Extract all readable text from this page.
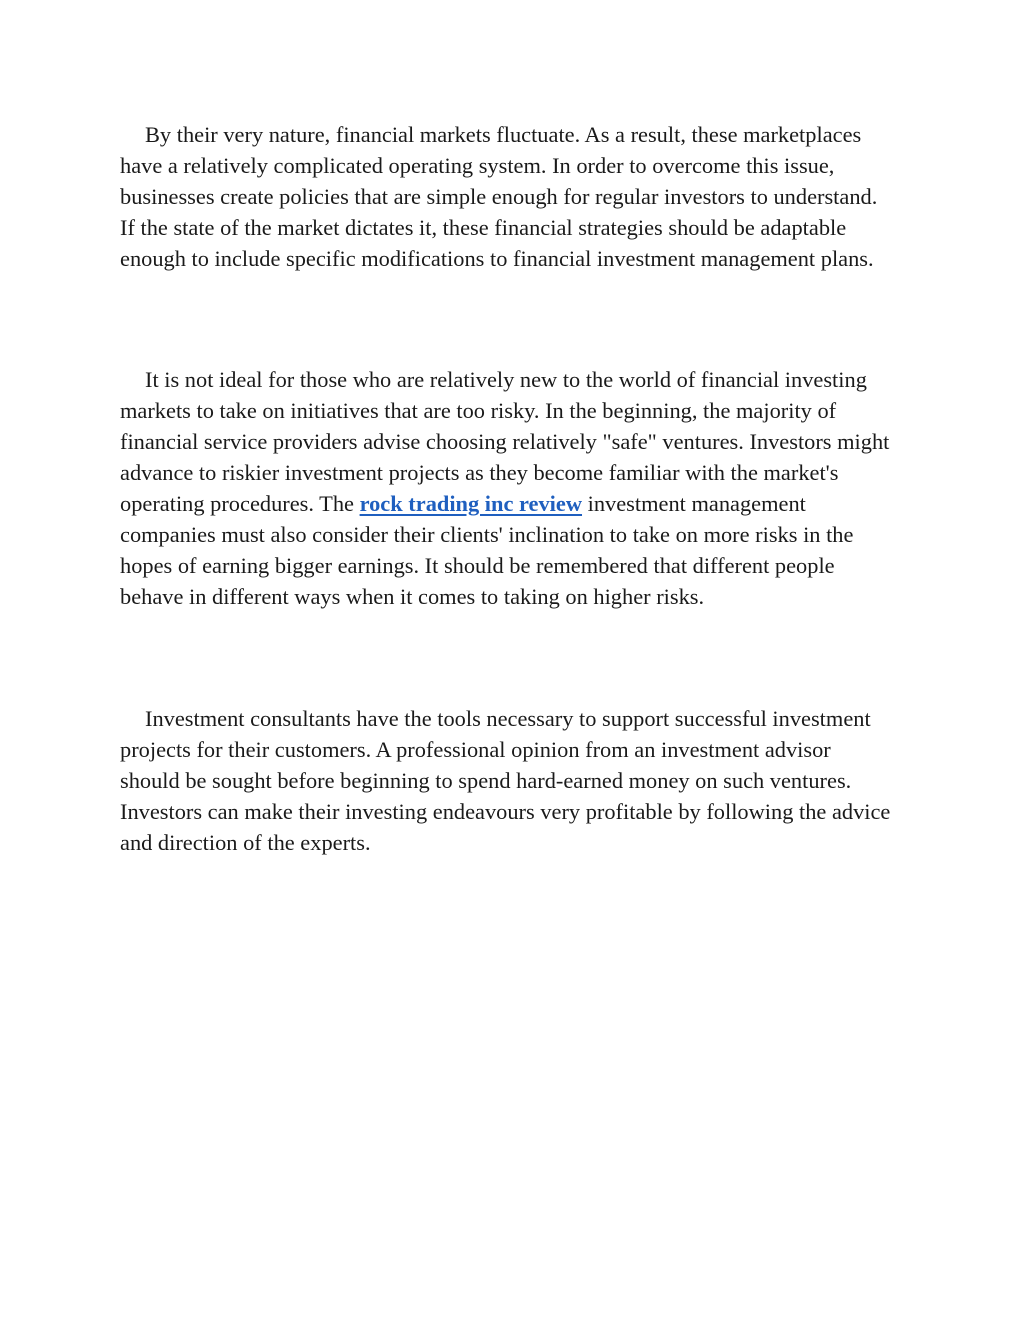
By their very nature, financial markets fluctuate. As a result, these marketplaces have a relatively complicated operating system. In order to overcome this issue, businesses create policies that are simple enough for regular investors to understand. If the state of the market dictates it, these financial strategies should be adaptable enough to include specific modifications to financial investment management plans.

It is not ideal for those who are relatively new to the world of financial investing markets to take on initiatives that are too risky. In the beginning, the majority of financial service providers advise choosing relatively "safe" ventures. Investors might advance to riskier investment projects as they become familiar with the market's operating procedures. The rock trading inc review investment management companies must also consider their clients' inclination to take on more risks in the hopes of earning bigger earnings. It should be remembered that different people behave in different ways when it comes to taking on higher risks.

Investment consultants have the tools necessary to support successful investment projects for their customers. A professional opinion from an investment advisor should be sought before beginning to spend hard-earned money on such ventures. Investors can make their investing endeavours very profitable by following the advice and direction of the experts.
